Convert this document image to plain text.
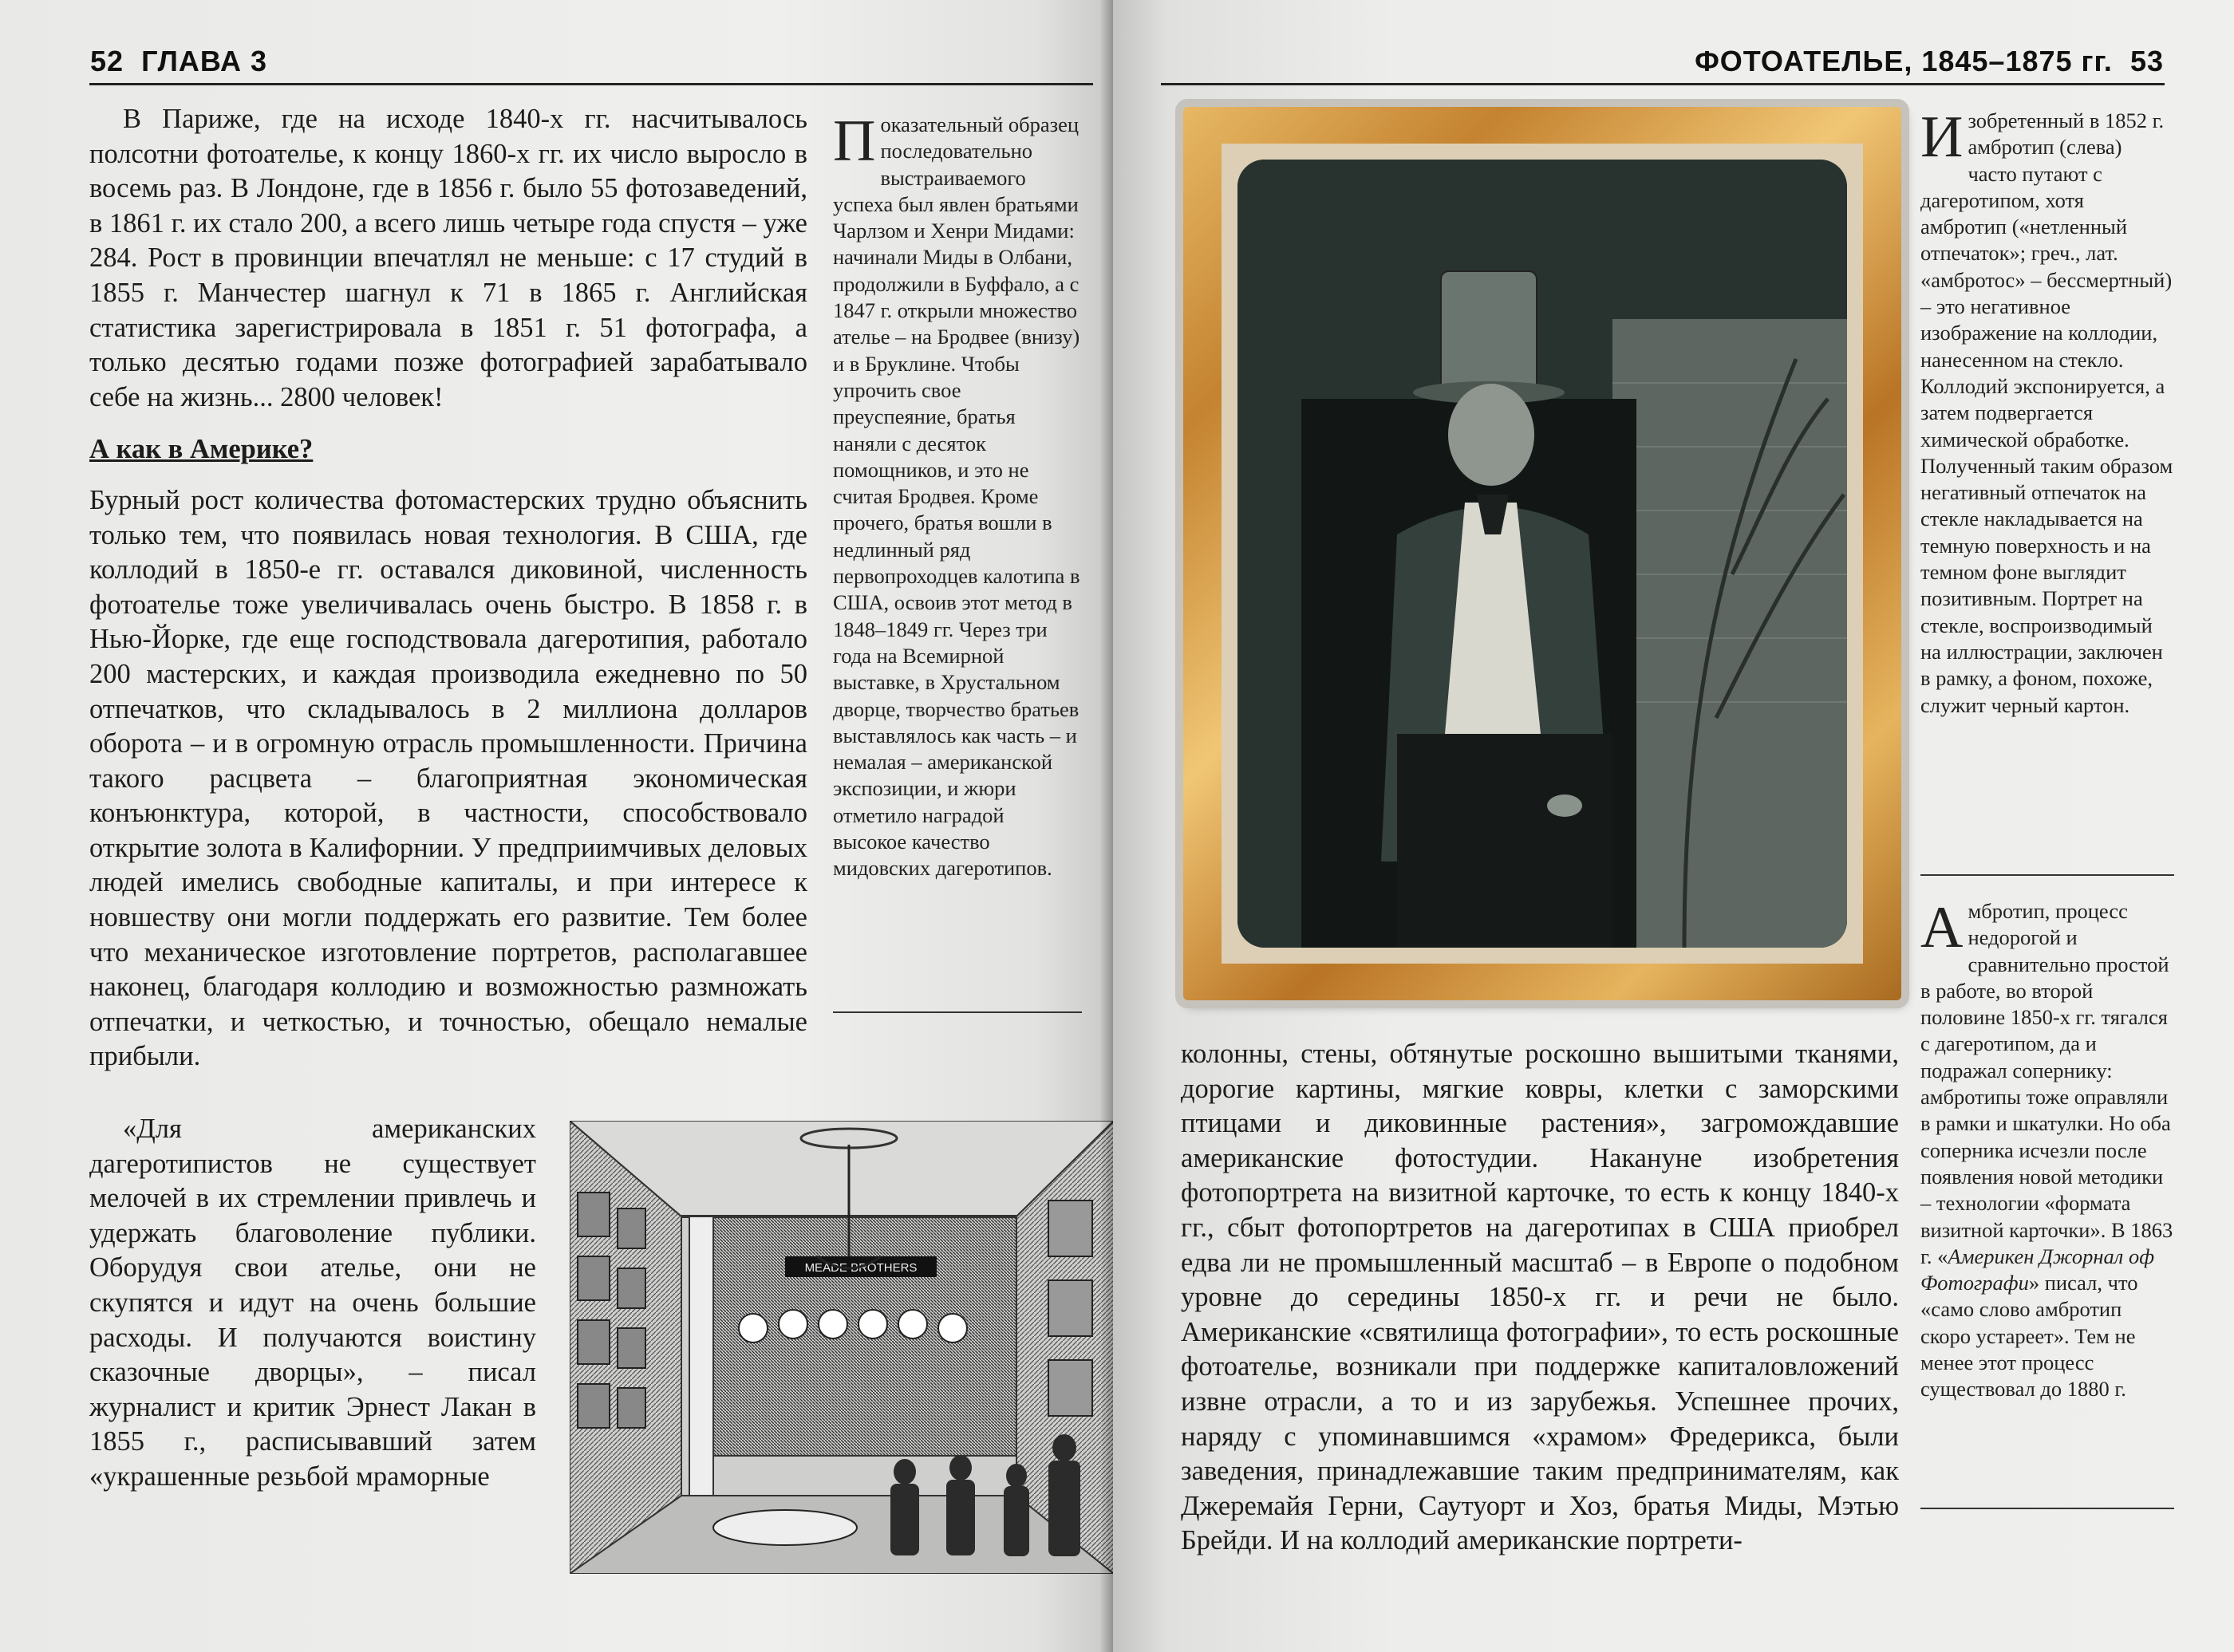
52 ГЛАВА 3

В Париже, где на исходе 1840-х гг. насчитывалось полсотни фотоателье, к концу 1860-х гг. их число выросло в восемь раз. В Лондоне, где в 1856 г. было 55 фотозаведений, в 1861 г. их стало 200, а всего лишь четыре года спустя – уже 284. Рост в провинции впечатлял не меньше: с 17 студий в 1855 г. Манчестер шагнул к 71 в 1865 г. Английская статистика зарегистрировала в 1851 г. 51 фотографа, а только десятью годами позже фотографией зарабатывало себе на жизнь... 2800 человек!

А как в Америке?

Бурный рост количества фотомастерских трудно объяснить только тем, что появилась новая технология. В США, где коллодий в 1850-е гг. оставался диковиной, численность фотоателье тоже увеличивалась очень быстро. В 1858 г. в Нью-Йорке, где еще господствовала дагеротипия, работало 200 мастерских, и каждая производила ежедневно по 50 отпечатков, что складывалось в 2 миллиона долларов оборота – и в огромную отрасль промышленности. Причина такого расцвета – благоприятная экономическая конъюнктура, которой, в частности, способствовало открытие золота в Калифорнии. У предприимчивых деловых людей имелись свободные капиталы, и при интересе к новшеству они могли поддержать его развитие. Тем более что механическое изготовление портретов, располагавшее наконец, благодаря коллодию и возможностью размножать отпечатки, и четкостью, и точностью, обещало немалые прибыли.

«Для американских дагеротипистов не существует мелочей в их стремлении привлечь и удержать благоволение публики. Оборудуя свои ателье, они не скупятся и идут на очень большие расходы. И получаются воистину сказочные дворцы», – писал журналист и критик Эрнест Лакан в 1855 г., расписывавший затем «украшенные резьбой мраморные

Показательный образец последовательно выстраиваемого успеха был явлен братьями Чарлзом и Хенри Мидами: начинали Миды в Олбани, продолжили в Буффало, а с 1847 г. открыли множество ателье – на Бродвее (внизу) и в Бруклине. Чтобы упрочить свое преуспеяние, братья наняли с десяток помощников, и это не считая Бродвея. Кроме прочего, братья вошли в недлинный ряд первопроходцев калотипа в США, освоив этот метод в 1848–1849 гг. Через три года на Всемирной выставке, в Хрустальном дворце, творчество братьев выставлялось как часть – и немалая – американской экспозиции, и жюри отметило наградой высокое качество мидовских дагеротипов.

MEADE BROTHERS
ФОТОАТЕЛЬЕ, 1845–1875 гг. 53

Изобретенный в 1852 г. амбротип (слева) часто путают с дагеротипом, хотя амбротип («нетленный отпечаток»; греч., лат. «амбротос» – бессмертный) – это негативное изображение на коллодии, нанесенном на стекло. Коллодий экспонируется, а затем подвергается химической обработке. Полученный таким образом негативный отпечаток на стекле накладывается на темную поверхность и на темном фоне выглядит позитивным. Портрет на стекле, воспроизводимый на иллюстрации, заключен в рамку, а фоном, похоже, служит черный картон.

Амбротип, процесс недорогой и сравнительно простой в работе, во второй половине 1850-х гг. тягался с дагеротипом, да и подражал сопернику: амбротипы тоже оправляли в рамки и шкатулки. Но оба соперника исчезли после появления новой методики – технологии «формата визитной карточки». В 1863 г. «Америкен Джорнал оф Фотографи» писал, что «само слово амбротип скоро устареет». Тем не менее этот процесс существовал до 1880 г.

колонны, стены, обтянутые роскошно вышитыми тканями, дорогие картины, мягкие ковры, клетки с заморскими птицами и диковинные растения», загромождавшие американские фотостудии. Накануне изобретения фотопортрета на визитной карточке, то есть к концу 1840-х гг., сбыт фотопортретов на дагеротипах в США приобрел едва ли не промышленный масштаб – в Европе о подобном уровне до середины 1850-х гг. и речи не было. Американские «святилища фотографии», то есть роскошные фотоателье, возникали при поддержке капиталовложений извне отрасли, а то и из зарубежья. Успешнее прочих, наряду с упоминавшимся «храмом» Фредерикса, были заведения, принадлежавшие таким предпринимателям, как Джеремайя Герни, Саутуорт и Хоз, братья Миды, Мэтью Брейди. И на коллодий американские портрети-
